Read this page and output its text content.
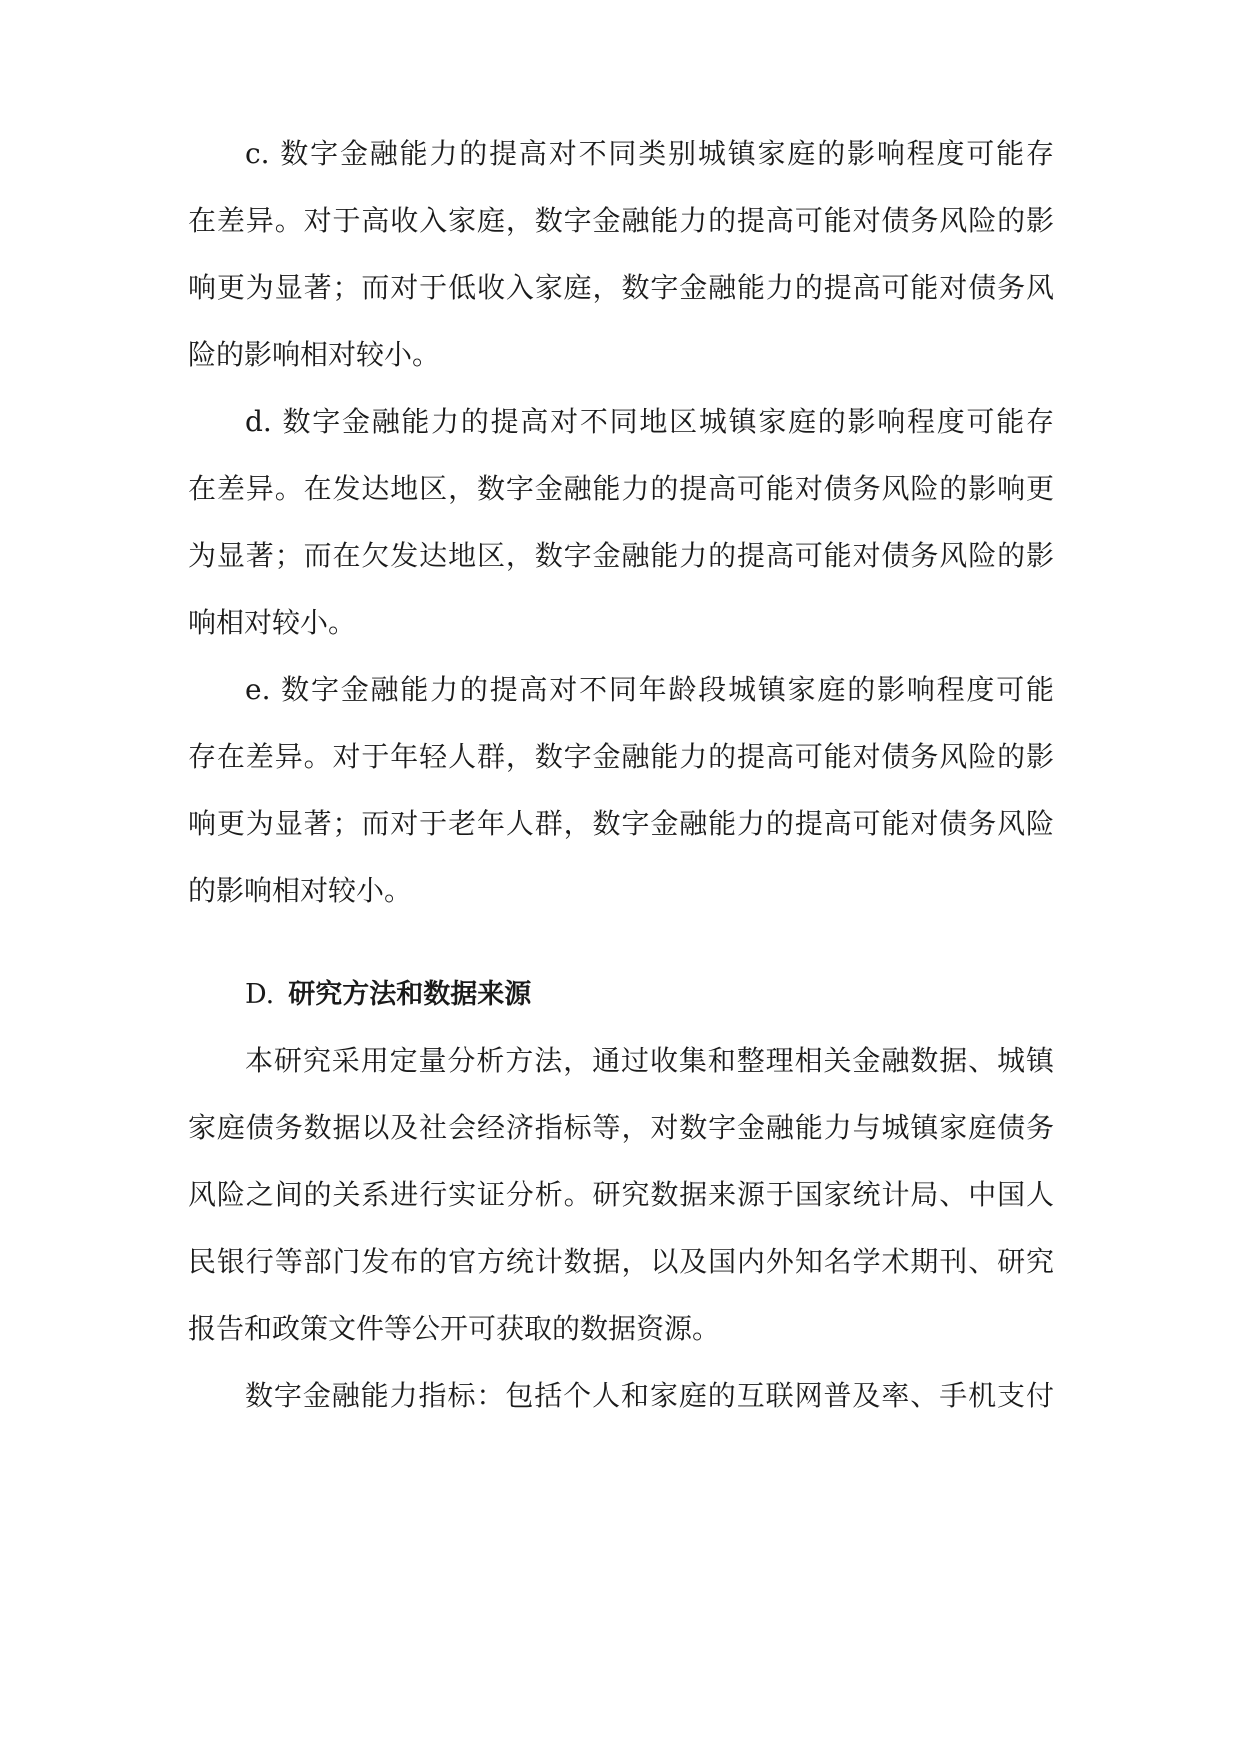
c. 数字金融能力的提高对不同类别城镇家庭的影响程度可能存
在差异。对于高收入家庭，数字金融能力的提高可能对债务风险的影
响更为显著；而对于低收入家庭，数字金融能力的提高可能对债务风
险的影响相对较小。
d. 数字金融能力的提高对不同地区城镇家庭的影响程度可能存
在差异。在发达地区，数字金融能力的提高可能对债务风险的影响更
为显著；而在欠发达地区，数字金融能力的提高可能对债务风险的影
响相对较小。
e. 数字金融能力的提高对不同年龄段城镇家庭的影响程度可能
存在差异。对于年轻人群，数字金融能力的提高可能对债务风险的影
响更为显著；而对于老年人群，数字金融能力的提高可能对债务风险
的影响相对较小。
D. 研究方法和数据来源
本研究采用定量分析方法，通过收集和整理相关金融数据、城镇
家庭债务数据以及社会经济指标等，对数字金融能力与城镇家庭债务
风险之间的关系进行实证分析。研究数据来源于国家统计局、中国人
民银行等部门发布的官方统计数据，以及国内外知名学术期刊、研究
报告和政策文件等公开可获取的数据资源。
数字金融能力指标：包括个人和家庭的互联网普及率、手机支付
